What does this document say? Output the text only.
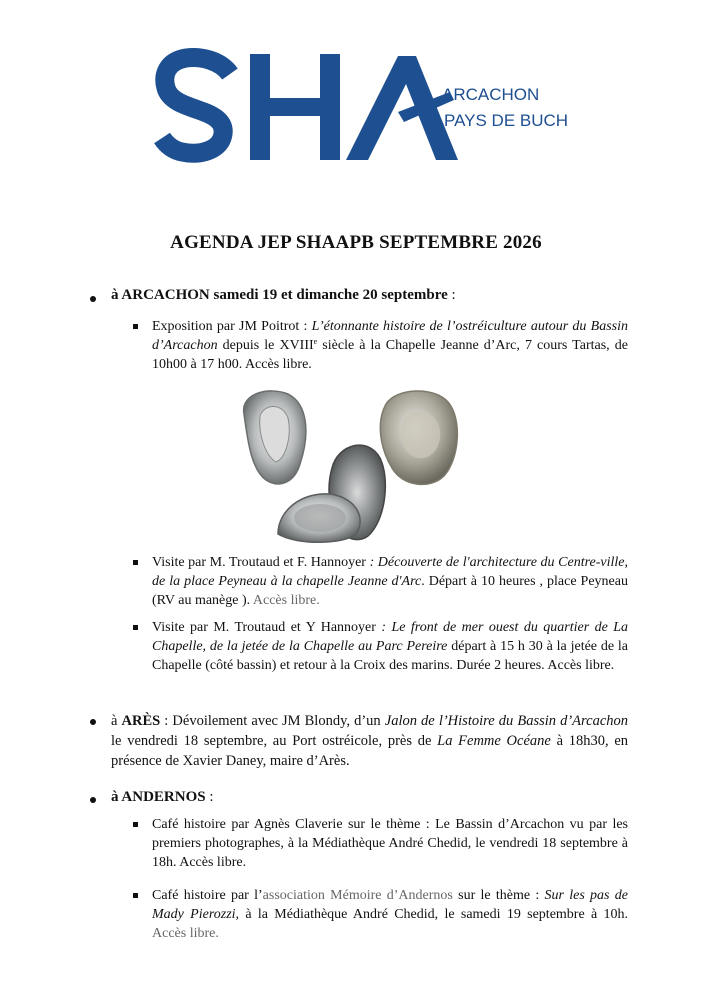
ARCACHON
PAYS DE BUCH
AGENDA JEP SHAAPB SEPTEMBRE 2026
à ARCACHON samedi 19 et dimanche 20 septembre :
Exposition par JM Poitrot : L’étonnante histoire de l’ostréiculture autour du Bassin d’Arcachon depuis le XVIIIe siècle à la Chapelle Jeanne d’Arc, 7 cours Tartas, de 10h00 à 17 h00. Accès libre.
Visite par M. Troutaud et F. Hannoyer : Découverte de l'architecture du Centre-ville, de la place Peyneau à la chapelle Jeanne d'Arc. Départ à 10 heures , place Peyneau (RV au manège ). Accès libre.
Visite par M. Troutaud et Y Hannoyer : Le front de mer ouest du quartier de La Chapelle, de la jetée de la Chapelle au Parc Pereire départ à 15 h 30 à la jetée de la Chapelle (côté bassin) et retour à la Croix des marins. Durée 2 heures. Accès libre.
à ARÈS : Dévoilement avec JM Blondy, d’un Jalon de l’Histoire du Bassin d’Arcachon le vendredi 18 septembre, au Port ostréicole, près de La Femme Océane à 18h30, en présence de Xavier Daney, maire d’Arès.
à ANDERNOS :
Café histoire par Agnès Claverie sur le thème : Le Bassin d’Arcachon vu par les premiers photographes, à la Médiathèque André Chedid, le vendredi 18 septembre à 18h. Accès libre.
Café histoire par l’association Mémoire d’Andernos sur le thème : Sur les pas de Mady Pierozzi, à la Médiathèque André Chedid, le samedi 19 septembre à 10h. Accès libre.
